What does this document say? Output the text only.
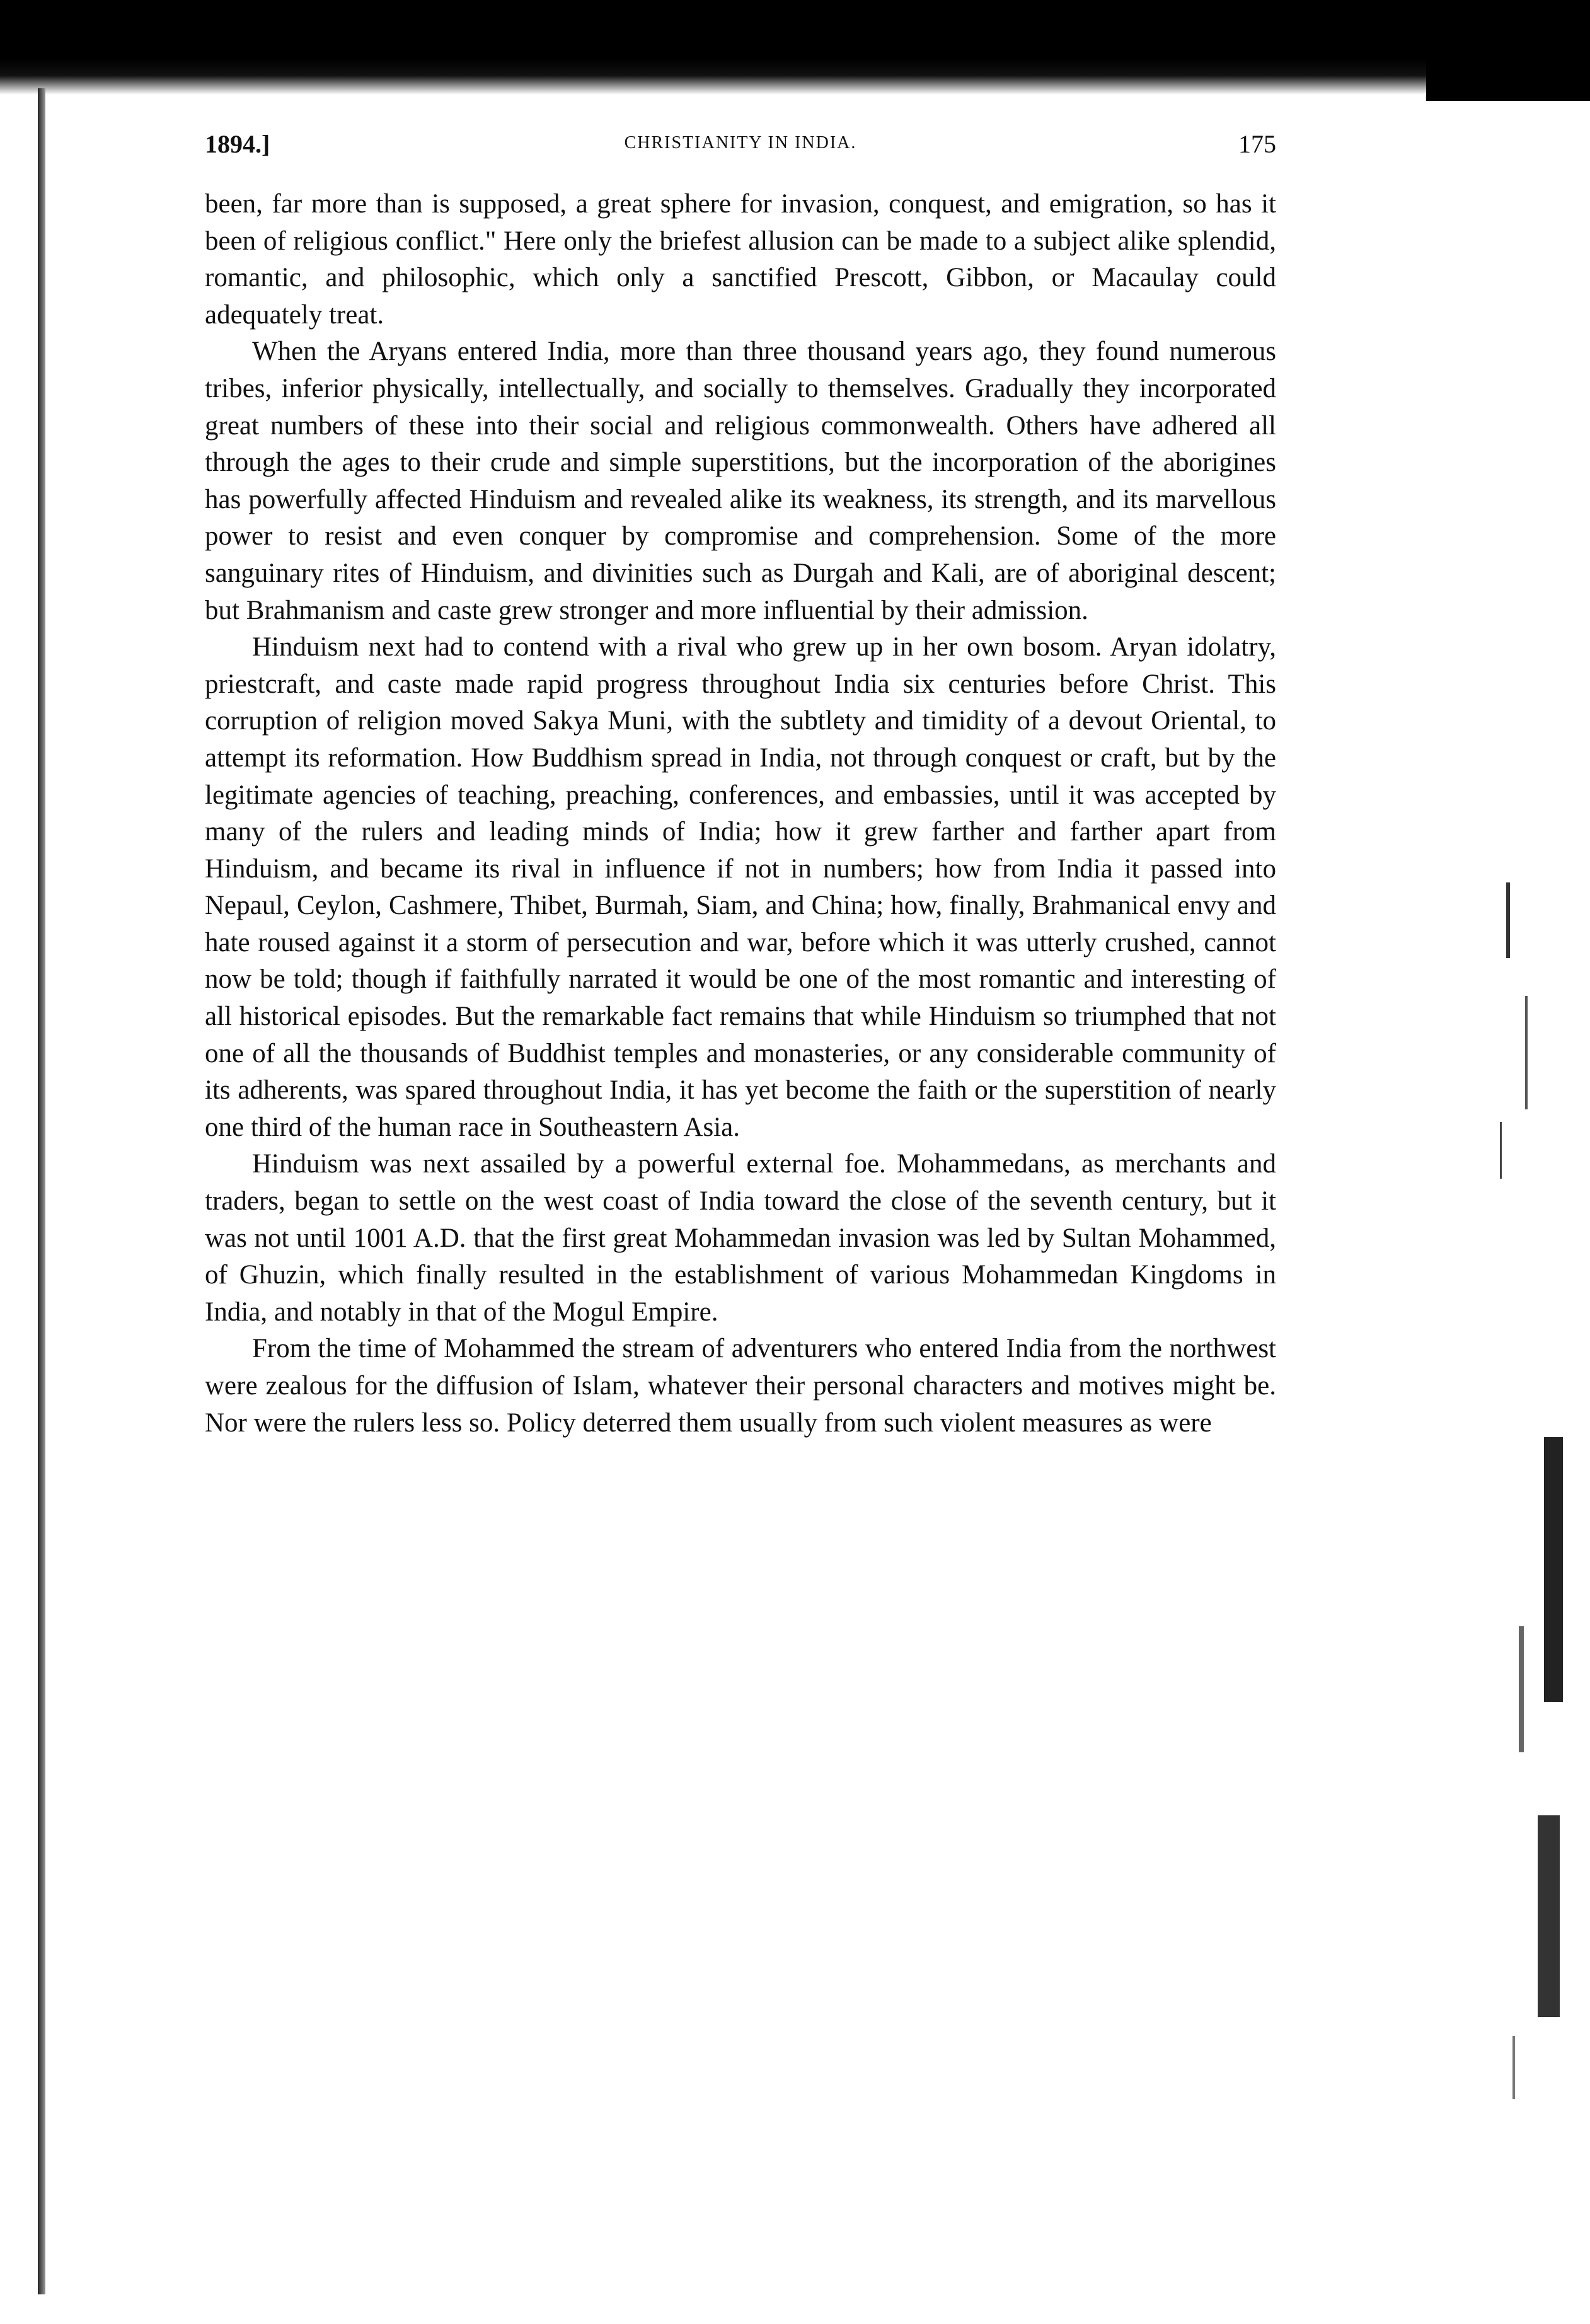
1894.]	CHRISTIANITY IN INDIA.	175

been, far more than is supposed, a great sphere for invasion, conquest, and emigration, so has it been of religious conflict." Here only the briefest allusion can be made to a subject alike splendid, romantic, and philosophic, which only a sanctified Prescott, Gibbon, or Macaulay could adequately treat.

When the Aryans entered India, more than three thousand years ago, they found numerous tribes, inferior physically, intellectually, and socially to themselves. Gradually they incorporated great numbers of these into their social and religious commonwealth. Others have adhered all through the ages to their crude and simple superstitions, but the incorporation of the aborigines has powerfully affected Hinduism and revealed alike its weakness, its strength, and its marvellous power to resist and even conquer by compromise and comprehension. Some of the more sanguinary rites of Hinduism, and divinities such as Durgah and Kali, are of aboriginal descent; but Brahmanism and caste grew stronger and more influential by their admission.

Hinduism next had to contend with a rival who grew up in her own bosom. Aryan idolatry, priestcraft, and caste made rapid progress throughout India six centuries before Christ. This corruption of religion moved Sakya Muni, with the subtlety and timidity of a devout Oriental, to attempt its reformation. How Buddhism spread in India, not through conquest or craft, but by the legitimate agencies of teaching, preaching, conferences, and embassies, until it was accepted by many of the rulers and leading minds of India; how it grew farther and farther apart from Hinduism, and became its rival in influence if not in numbers; how from India it passed into Nepaul, Ceylon, Cashmere, Thibet, Burmah, Siam, and China; how, finally, Brahmanical envy and hate roused against it a storm of persecution and war, before which it was utterly crushed, cannot now be told; though if faithfully narrated it would be one of the most romantic and interesting of all historical episodes. But the remarkable fact remains that while Hinduism so triumphed that not one of all the thousands of Buddhist temples and monasteries, or any considerable community of its adherents, was spared throughout India, it has yet become the faith or the superstition of nearly one third of the human race in Southeastern Asia.

Hinduism was next assailed by a powerful external foe. Mohammedans, as merchants and traders, began to settle on the west coast of India toward the close of the seventh century, but it was not until 1001 A.D. that the first great Mohammedan invasion was led by Sultan Mohammed, of Ghuzin, which finally resulted in the establishment of various Mohammedan Kingdoms in India, and notably in that of the Mogul Empire.

From the time of Mohammed the stream of adventurers who entered India from the northwest were zealous for the diffusion of Islam, whatever their personal characters and motives might be. Nor were the rulers less so. Policy deterred them usually from such violent measures as were
